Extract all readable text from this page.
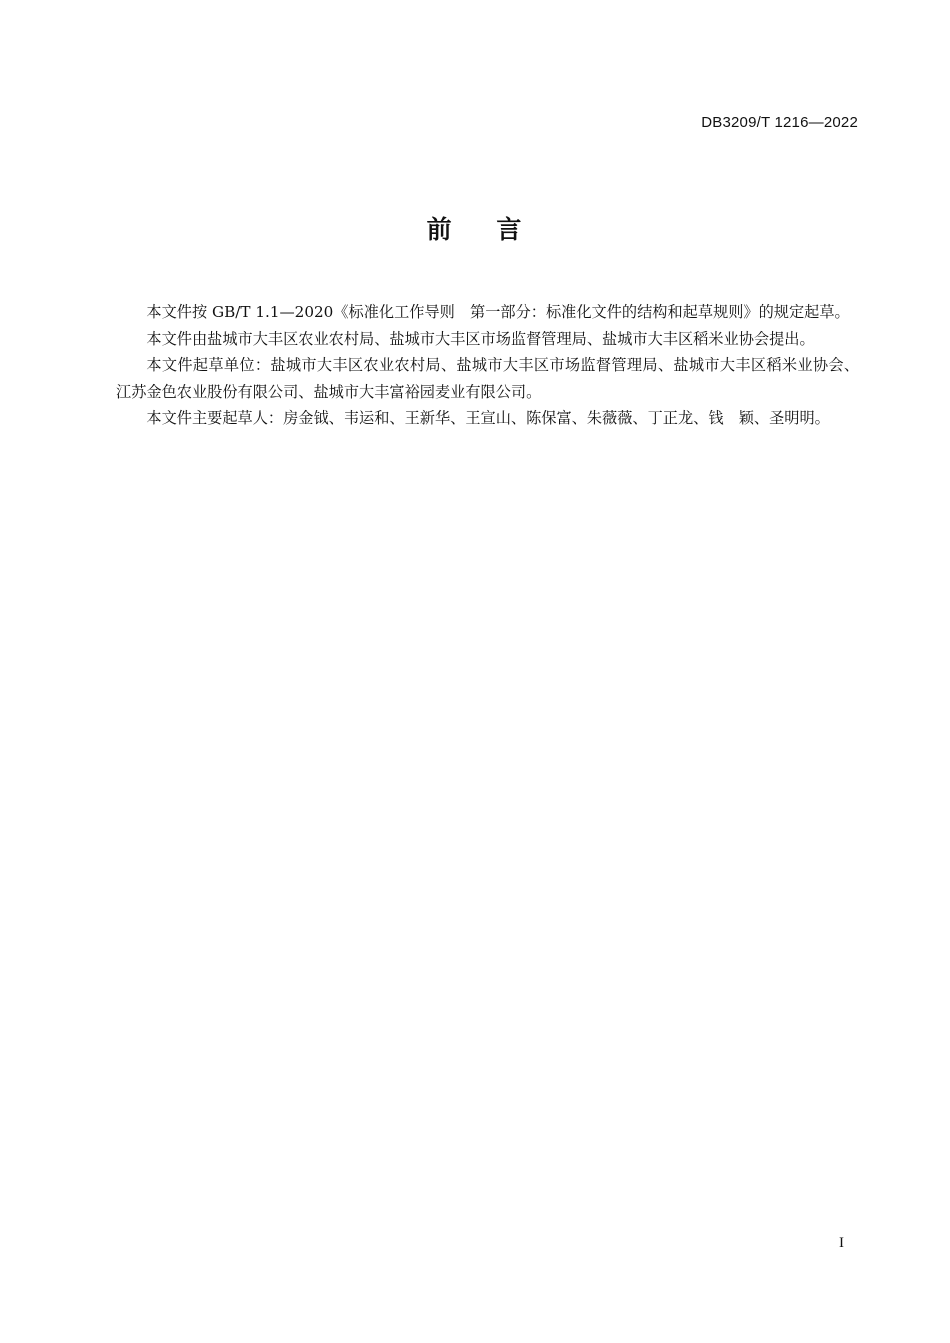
DB3209/T 1216—2022
前    言

本文件按 GB/T 1.1—2020《标准化工作导则　第一部分：标准化文件的结构和起草规则》的规定起草。

本文件由盐城市大丰区农业农村局、盐城市大丰区市场监督管理局、盐城市大丰区稻米业协会提出。

本文件起草单位：盐城市大丰区农业农村局、盐城市大丰区市场监督管理局、盐城市大丰区稻米业协会、江苏金色农业股份有限公司、盐城市大丰富裕园麦业有限公司。

本文件主要起草人：房金钺、韦运和、王新华、王宣山、陈保富、朱薇薇、丁正龙、钱　颖、圣明明。

I
